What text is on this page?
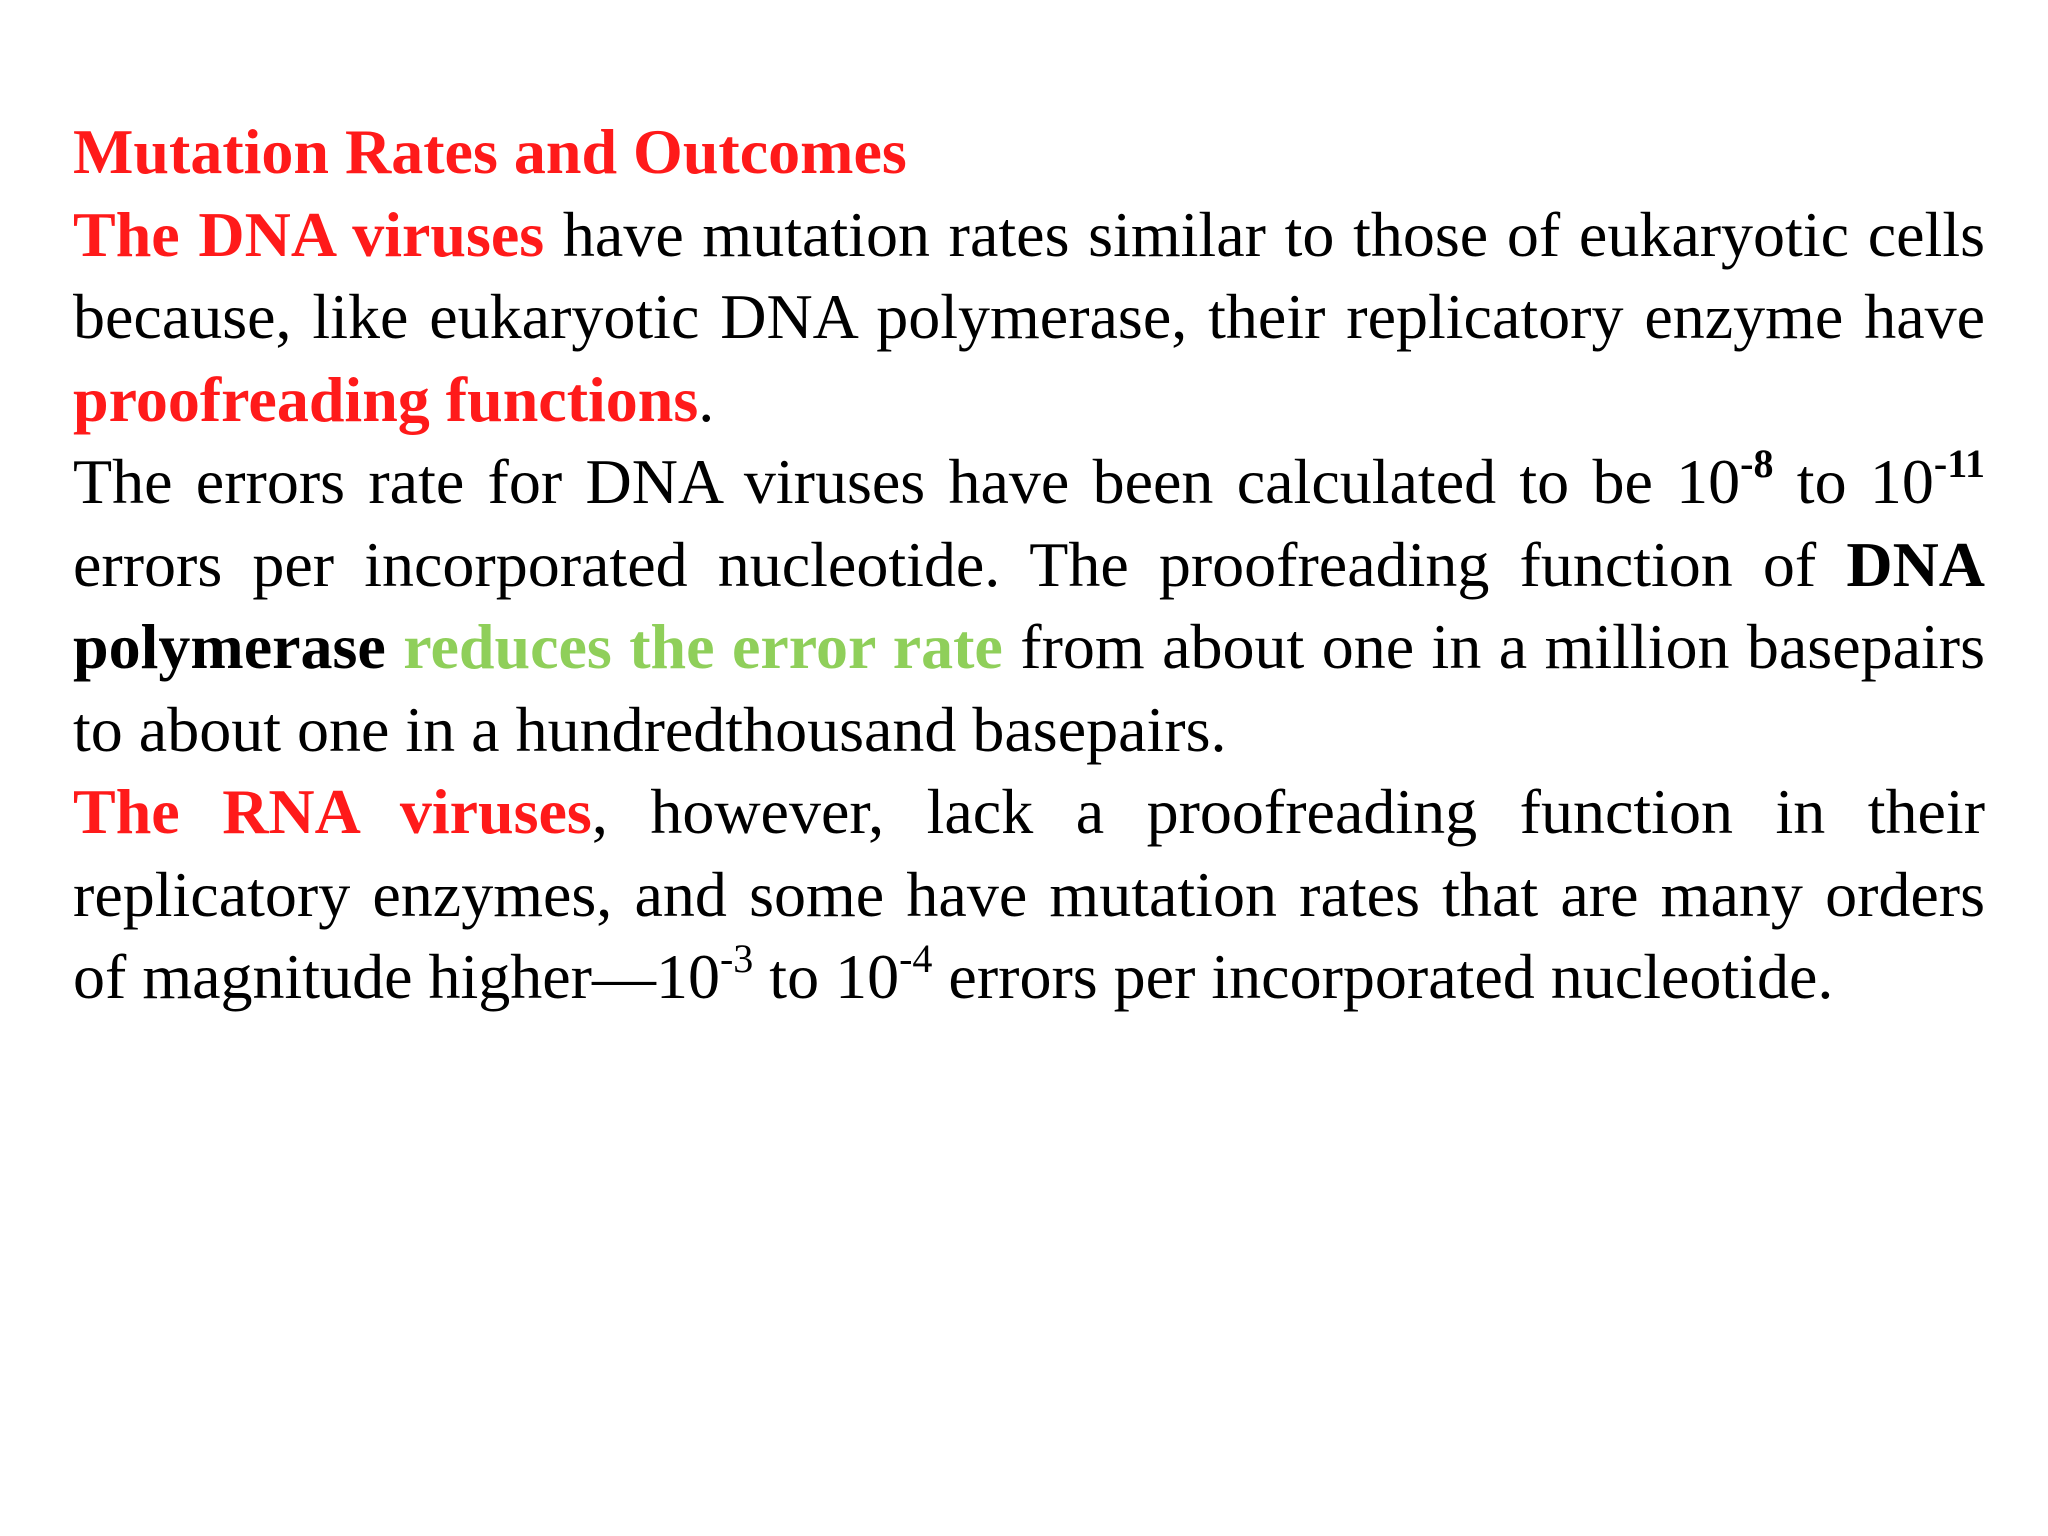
Mutation Rates and Outcomes

The DNA viruses have mutation rates similar to those of eukaryotic cells because, like eukaryotic DNA polymerase, their replicatory enzyme have proofreading functions.

The errors rate for DNA viruses have been calculated to be $10^{-8}$ to $10^{-11}$ errors per incorporated nucleotide. The proofreading function of DNA polymerase reduces the error rate from about one in a million basepairs to about one in a hundredthousand basepairs.

The RNA viruses, however, lack a proofreading function in their replicatory enzymes, and some have mutation rates that are many orders of magnitude $higher—10^{-3}$ to $10^{-4}$ errors per incorporated nucleotide.
